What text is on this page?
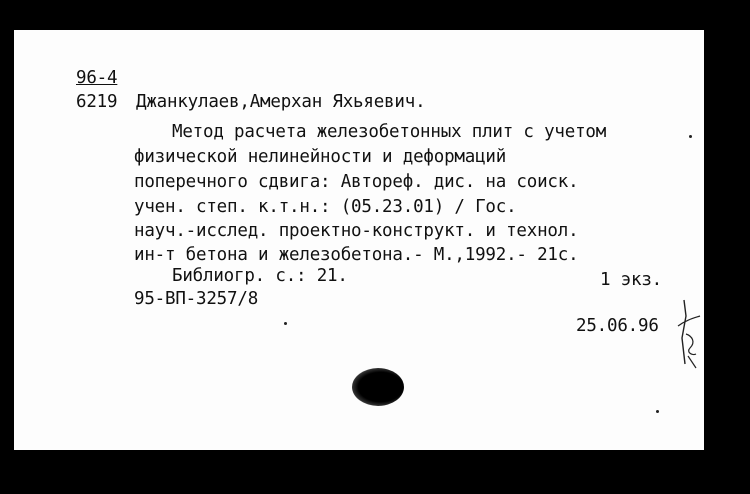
96-4
6219 Джанкулаев,Амерхан Яхьяевич.
Метод расчета железобетонных плит с учетом
физической нелинейности и деформаций
поперечного сдвига: Автореф. дис. на соиск.
учен. степ. к.т.н.: (05.23.01) / Гос.
науч.-исслед. проектно-конструкт. и технол.
ин-т бетона и железобетона.- М.,1992.- 21с.
Библиогр. с.: 21.	1 экз.
95-ВП-3257/8
25.06.96
